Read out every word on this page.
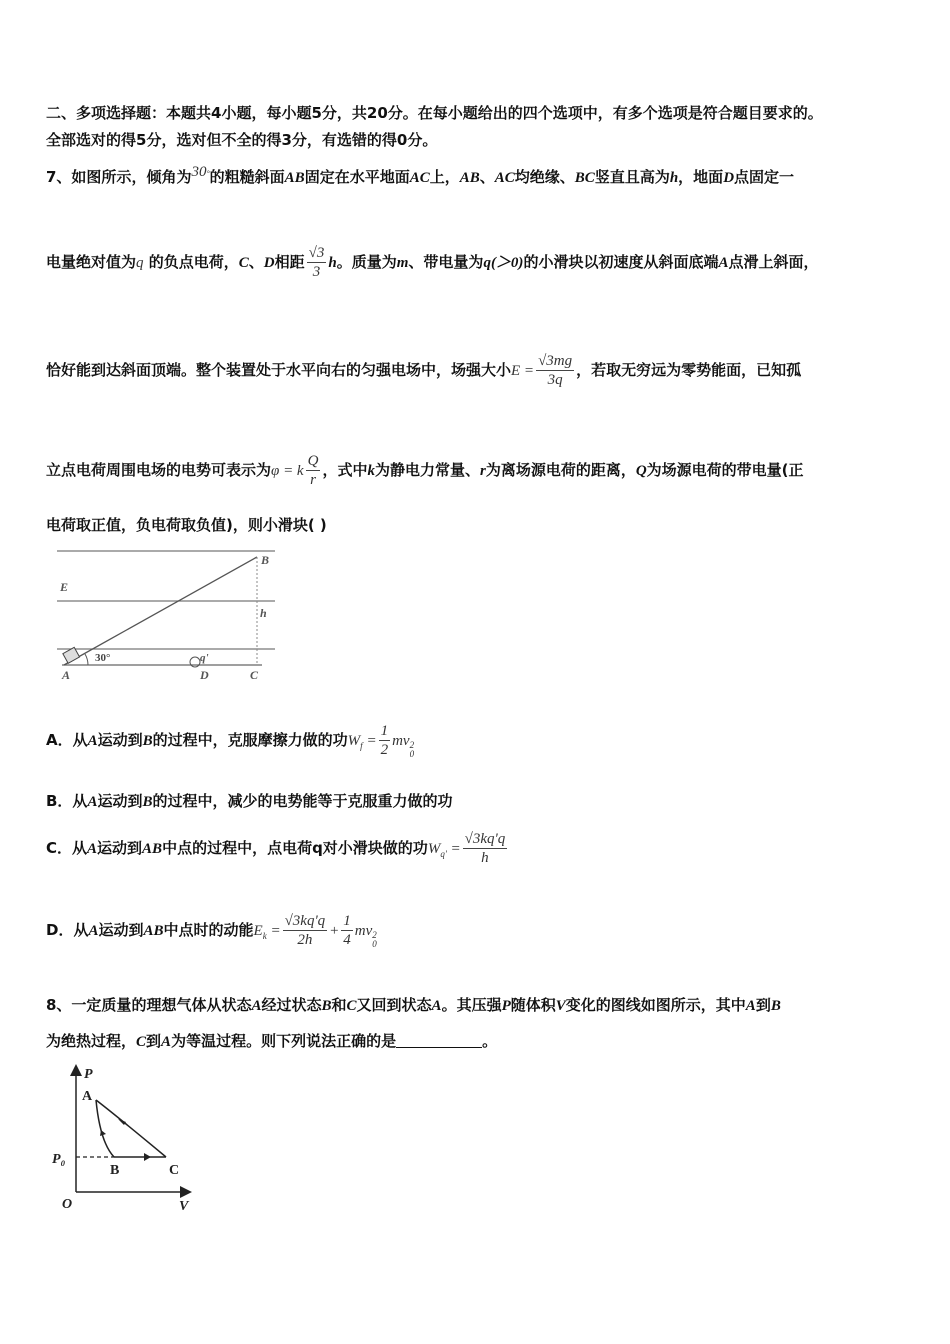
二、多项选择题：本题共4小题，每小题5分，共20分。在每小题给出的四个选项中，有多个选项是符合题目要求的。
全部选对的得5分，选对但不全的得3分，有选错的得0分。
7、如图所示，倾角为$^{30^\circ}$的粗糙斜面AB固定在水平地面AC上，AB、AC均绝缘、BC竖直且高为h，地面D点固定一
电量绝对值为q 的负点电荷，C、D相距 $\frac{√3}{3}$ h。质量为m、带电量为q(＞0)的小滑块以初速度从斜面底端A点滑上斜面，
恰好能到达斜面顶端。整个装置处于水平向右的匀强电场中，场强大小$E = \frac{√3mg}{3q}$ ，若取无穷远为零势能面，已知孤
立点电荷周围电场的电势可表示为φ = k $\frac{Q}{r}$ ，式中k为静电力常量、r为离场源电荷的距离，Q为场源电荷的带电量(正
电荷取正值，负电荷取负值)，则小滑块( )
B
E
h
30°	q'
A	D	C
A．从A运动到B的过程中，克服摩擦力做的功$W_f = \frac{1}{2}$ mv 2
0
B．从A运动到B的过程中，减少的电势能等于克服重力做的功
C．从A运动到AB中点的过程中，点电荷q对小滑块做的功$W_{q'} = \frac{√3kq'q}{h}$
D．从A运动到AB中点时的动能$E_k = \frac{√3kq'q}{2h} + \frac{1}{4}$ mv 2
0
8、一定质量的理想气体从状态A经过状态B和C又回到状态A。其压强P随体积V变化的图线如图所示，其中A到B
为绝热过程，C到A为等温过程。则下列说法正确的是	。
P
A
P₀
B	C
O	V
